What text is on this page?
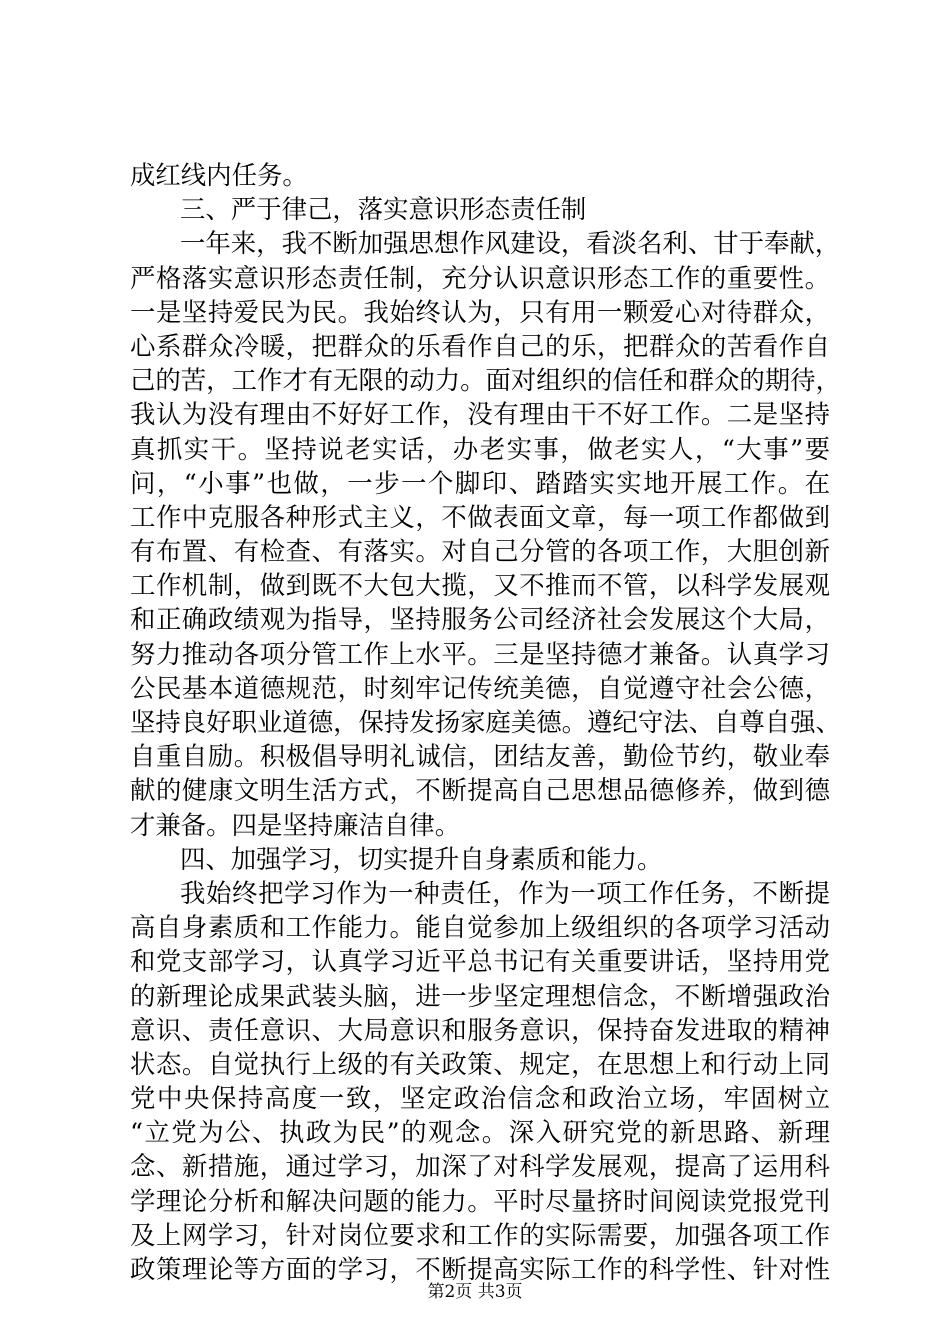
成红线内任务。
三、严于律己，落实意识形态责任制
一年来，我不断加强思想作风建设，看淡名利、甘于奉献，
严格落实意识形态责任制，充分认识意识形态工作的重要性。
一是坚持爱民为民。我始终认为，只有用一颗爱心对待群众，
心系群众冷暖，把群众的乐看作自己的乐，把群众的苦看作自
己的苦，工作才有无限的动力。面对组织的信任和群众的期待，
我认为没有理由不好好工作，没有理由干不好工作。二是坚持
真抓实干。坚持说老实话，办老实事，做老实人，“大事”要
问，“小事”也做，一步一个脚印、踏踏实实地开展工作。在
工作中克服各种形式主义，不做表面文章，每一项工作都做到
有布置、有检查、有落实。对自己分管的各项工作，大胆创新
工作机制，做到既不大包大揽，又不推而不管，以科学发展观
和正确政绩观为指导，坚持服务公司经济社会发展这个大局，
努力推动各项分管工作上水平。三是坚持德才兼备。认真学习
公民基本道德规范，时刻牢记传统美德，自觉遵守社会公德，
坚持良好职业道德，保持发扬家庭美德。遵纪守法、自尊自强、
自重自励。积极倡导明礼诚信，团结友善，勤俭节约，敬业奉
献的健康文明生活方式，不断提高自己思想品德修养，做到德
才兼备。四是坚持廉洁自律。
四、加强学习，切实提升自身素质和能力。
我始终把学习作为一种责任，作为一项工作任务，不断提
高自身素质和工作能力。能自觉参加上级组织的各项学习活动
和党支部学习，认真学习近平总书记有关重要讲话，坚持用党
的新理论成果武装头脑，进一步坚定理想信念，不断增强政治
意识、责任意识、大局意识和服务意识，保持奋发进取的精神
状态。自觉执行上级的有关政策、规定，在思想上和行动上同
党中央保持高度一致，坚定政治信念和政治立场，牢固树立
“立党为公、执政为民”的观念。深入研究党的新思路、新理
念、新措施，通过学习，加深了对科学发展观，提高了运用科
学理论分析和解决问题的能力。平时尽量挤时间阅读党报党刊
及上网学习，针对岗位要求和工作的实际需要，加强各项工作
政策理论等方面的学习，不断提高实际工作的科学性、针对性
第2页 共3页
